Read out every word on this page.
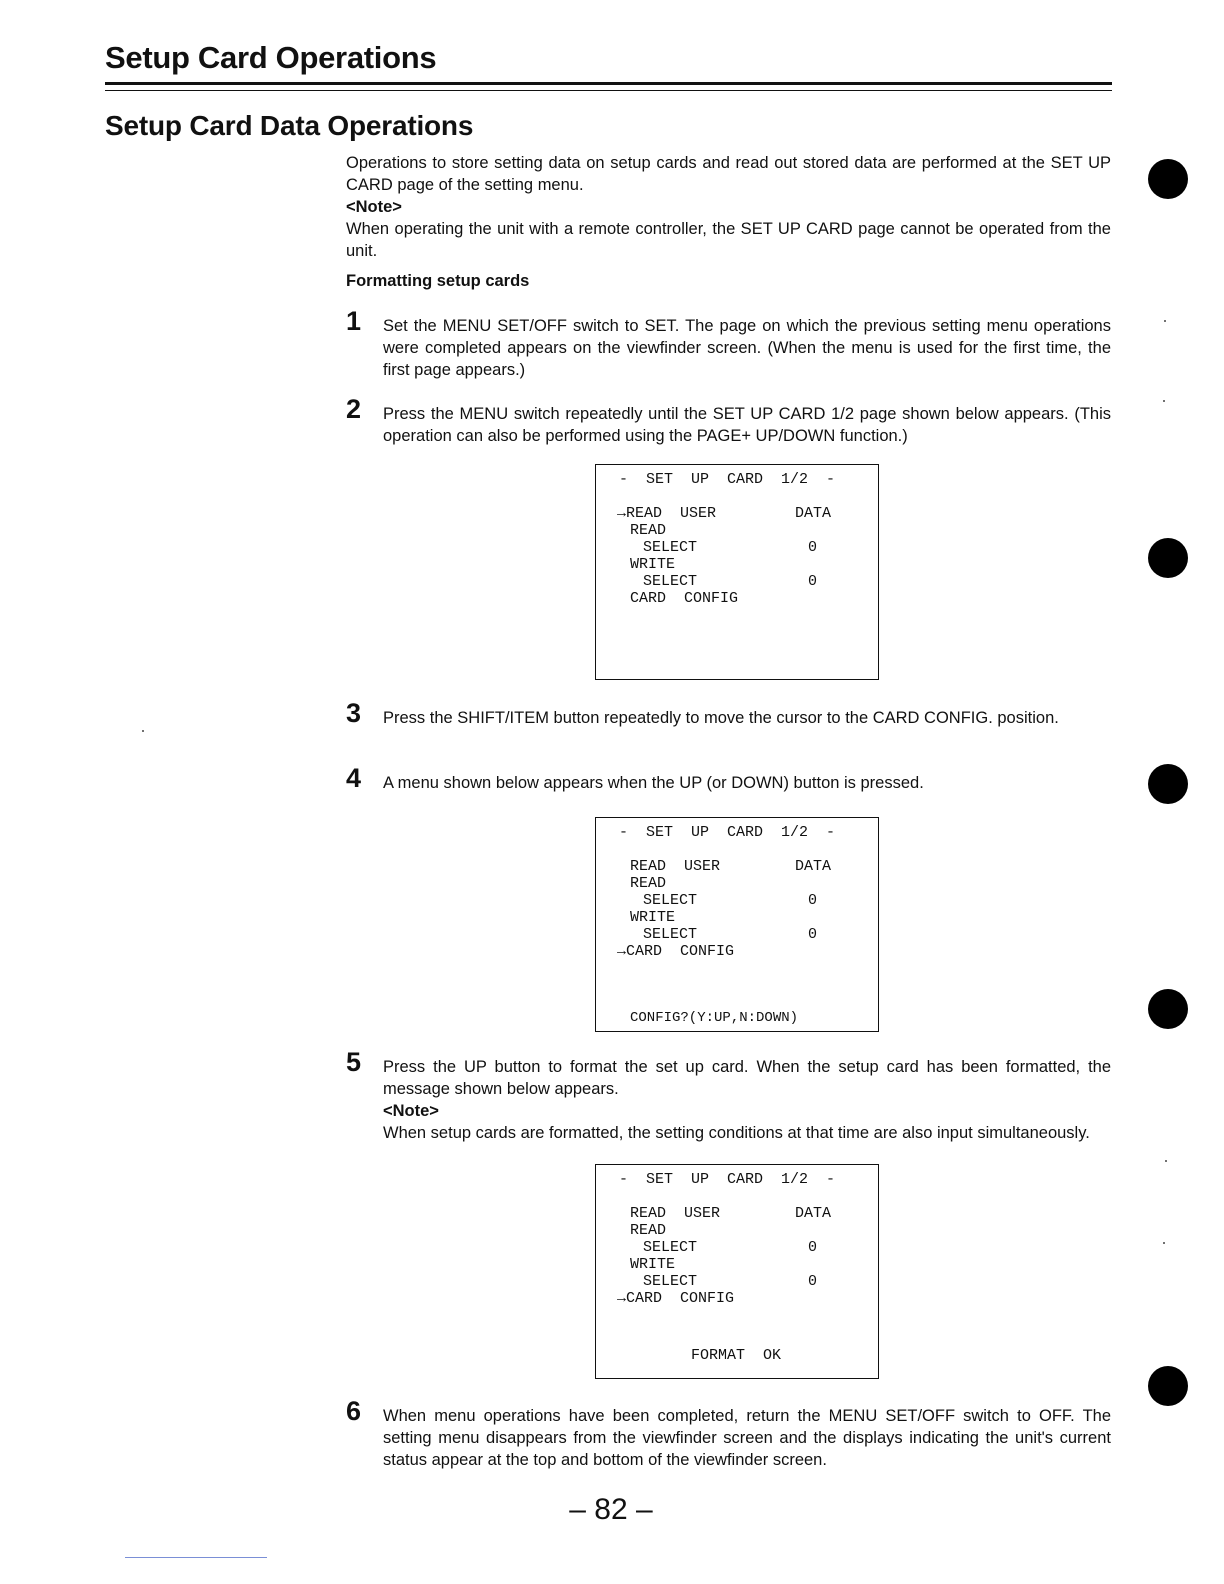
Setup Card Operations
Setup Card Data Operations

Operations to store setting data on setup cards and read out stored data are performed at the SET UP CARD page of the setting menu.

<Note>

When operating the unit with a remote controller, the SET UP CARD page cannot be operated from the unit.

Formatting setup cards
1 Set the MENU SET/OFF switch to SET. The page on which the previous setting menu operations were completed appears on the viewfinder screen. (When the menu is used for the first time, the first page appears.)

2 Press the MENU switch repeatedly until the SET UP CARD 1/2 page shown below appears. (This operation can also be performed using the PAGE+ UP/DOWN function.)

-  SET  UP  CARD  1/2  -
→READ  USER	DATA
READ
SELECT	0
WRITE
SELECT	0
CARD  CONFIG
3 Press the SHIFT/ITEM button repeatedly to move the cursor to the CARD CONFIG. position.

4 A menu shown below appears when the UP (or DOWN) button is pressed.

-  SET  UP  CARD  1/2  -
READ  USER	DATA
READ
SELECT	0
WRITE
SELECT	0
→CARD  CONFIG
CONFIG?(Y:UP,N:DOWN)
5 Press the UP button to format the set up card. When the setup card has been formatted, the message shown below appears.

<Note>

When setup cards are formatted, the setting conditions at that time are also input simultaneously.

-  SET  UP  CARD  1/2  -
READ  USER	DATA
READ
SELECT	0
WRITE
SELECT	0
→CARD  CONFIG
FORMAT  OK
6 When menu operations have been completed, return the MENU SET/OFF switch to OFF. The setting menu disappears from the viewfinder screen and the displays indicating the unit's current status appear at the top and bottom of the viewfinder screen.

– 82 –
